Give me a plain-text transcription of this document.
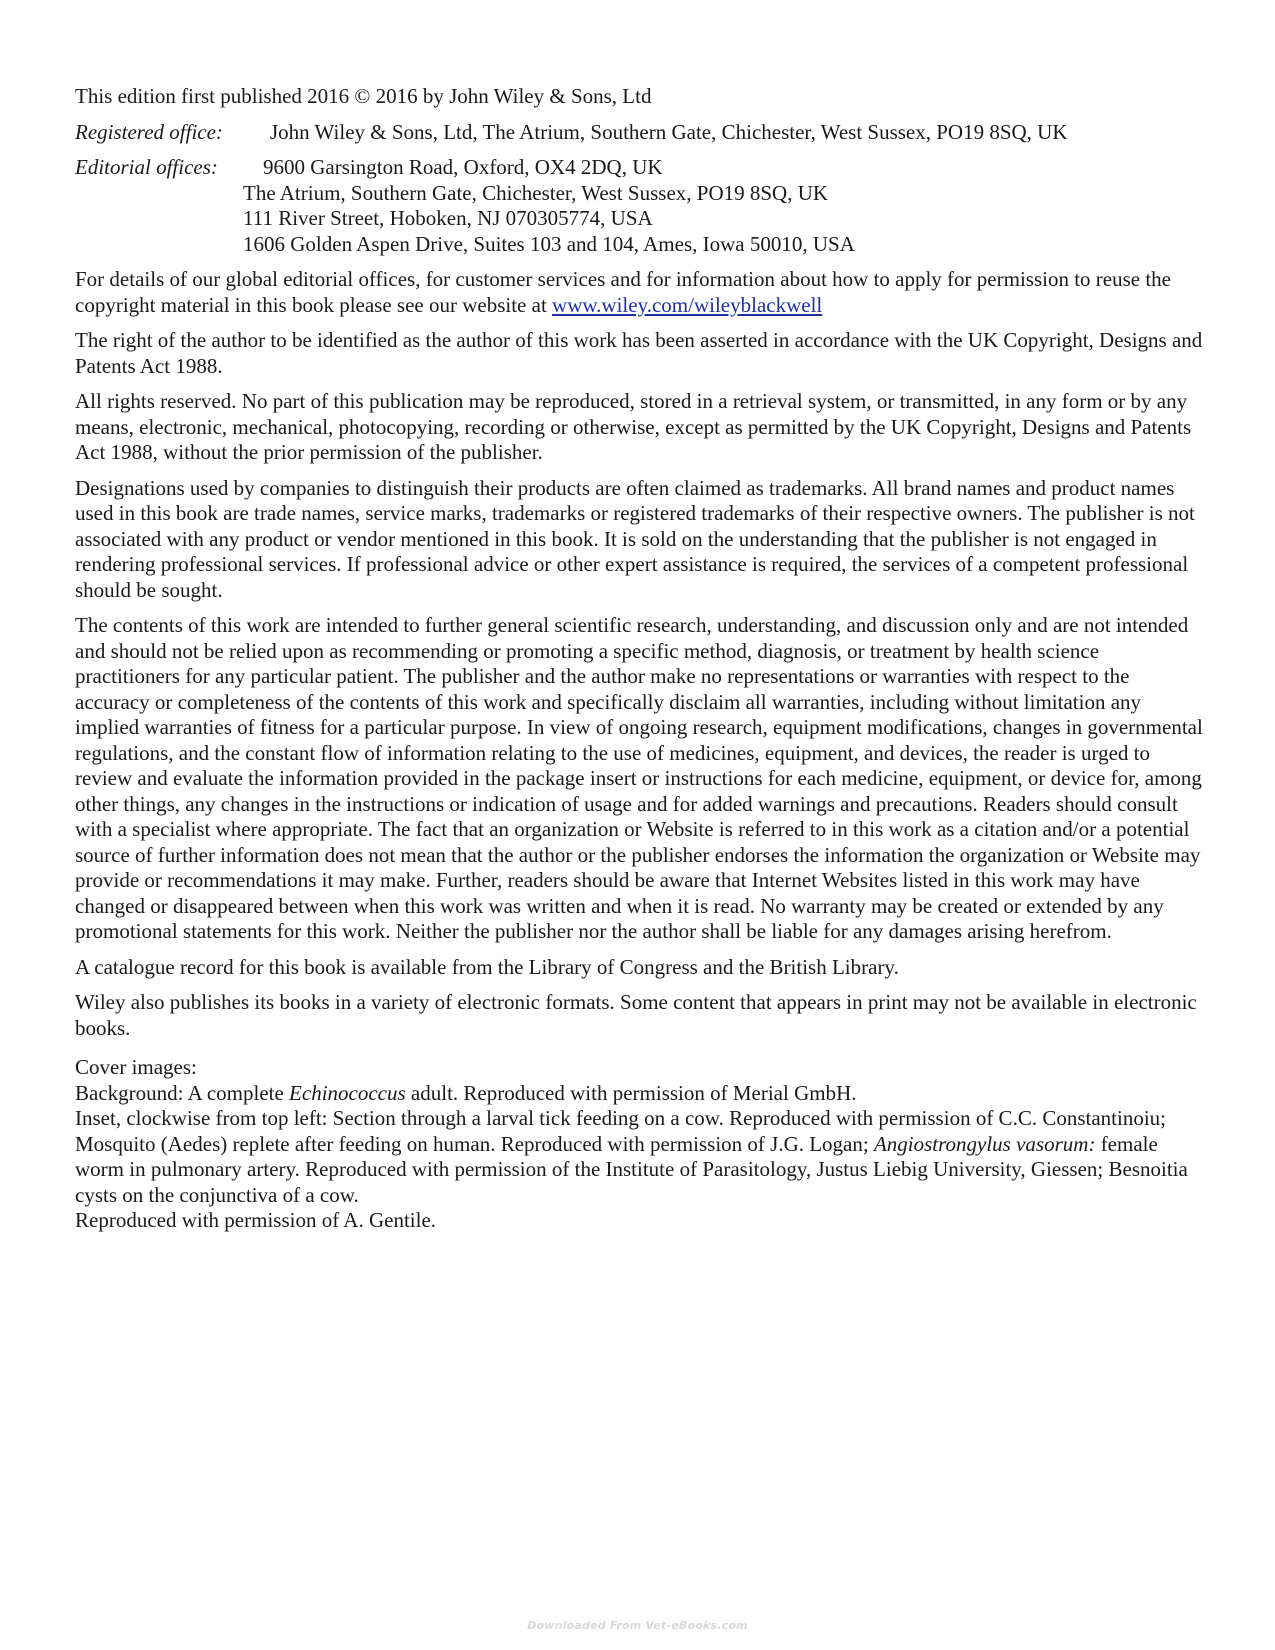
This edition first published 2016 © 2016 by John Wiley & Sons, Ltd

Registered office:	John Wiley & Sons, Ltd, The Atrium, Southern Gate, Chichester, West Sussex, PO19 8SQ, UK
Editorial offices:	9600 Garsington Road, Oxford, OX4 2DQ, UK
The Atrium, Southern Gate, Chichester, West Sussex, PO19 8SQ, UK
111 River Street, Hoboken, NJ 070305774, USA
1606 Golden Aspen Drive, Suites 103 and 104, Ames, Iowa 50010, USA

For details of our global editorial offices, for customer services and for information about how to apply for permission to reuse the copyright material in this book please see our website at www.wiley.com/wileyblackwell

The right of the author to be identified as the author of this work has been asserted in accordance with the UK Copyright, Designs and Patents Act 1988.

All rights reserved. No part of this publication may be reproduced, stored in a retrieval system, or transmitted, in any form or by any means, electronic, mechanical, photocopying, recording or otherwise, except as permitted by the UK Copyright, Designs and Patents Act 1988, without the prior permission of the publisher.

Designations used by companies to distinguish their products are often claimed as trademarks. All brand names and product names used in this book are trade names, service marks, trademarks or registered trademarks of their respective owners. The publisher is not associated with any product or vendor mentioned in this book. It is sold on the understanding that the publisher is not engaged in rendering professional services. If professional advice or other expert assistance is required, the services of a competent professional should be sought.

The contents of this work are intended to further general scientific research, understanding, and discussion only and are not intended and should not be relied upon as recommending or promoting a specific method, diagnosis, or treatment by health science practitioners for any particular patient. The publisher and the author make no representations or warranties with respect to the accuracy or completeness of the contents of this work and specifically disclaim all warranties, including without limitation any implied warranties of fitness for a particular purpose. In view of ongoing research, equipment modifications, changes in governmental regulations, and the constant flow of information relating to the use of medicines, equipment, and devices, the reader is urged to review and evaluate the information provided in the package insert or instructions for each medicine, equipment, or device for, among other things, any changes in the instructions or indication of usage and for added warnings and precautions. Readers should consult with a specialist where appropriate. The fact that an organization or Website is referred to in this work as a citation and/or a potential source of further information does not mean that the author or the publisher endorses the information the organization or Website may provide or recommendations it may make. Further, readers should be aware that Internet Websites listed in this work may have changed or disappeared between when this work was written and when it is read. No warranty may be created or extended by any promotional statements for this work. Neither the publisher nor the author shall be liable for any damages arising herefrom.

A catalogue record for this book is available from the Library of Congress and the British Library.

Wiley also publishes its books in a variety of electronic formats. Some content that appears in print may not be available in electronic books.

Cover images:
Background: A complete Echinococcus adult. Reproduced with permission of Merial GmbH.
Inset, clockwise from top left: Section through a larval tick feeding on a cow. Reproduced with permission of C.C. Constantinoiu; Mosquito (Aedes) replete after feeding on human. Reproduced with permission of J.G. Logan; Angiostrongylus vasorum: female worm in pulmonary artery. Reproduced with permission of the Institute of Parasitology, Justus Liebig University, Giessen; Besnoitia cysts on the conjunctiva of a cow.
Reproduced with permission of A. Gentile.
Downloaded From Vet-eBooks.com
